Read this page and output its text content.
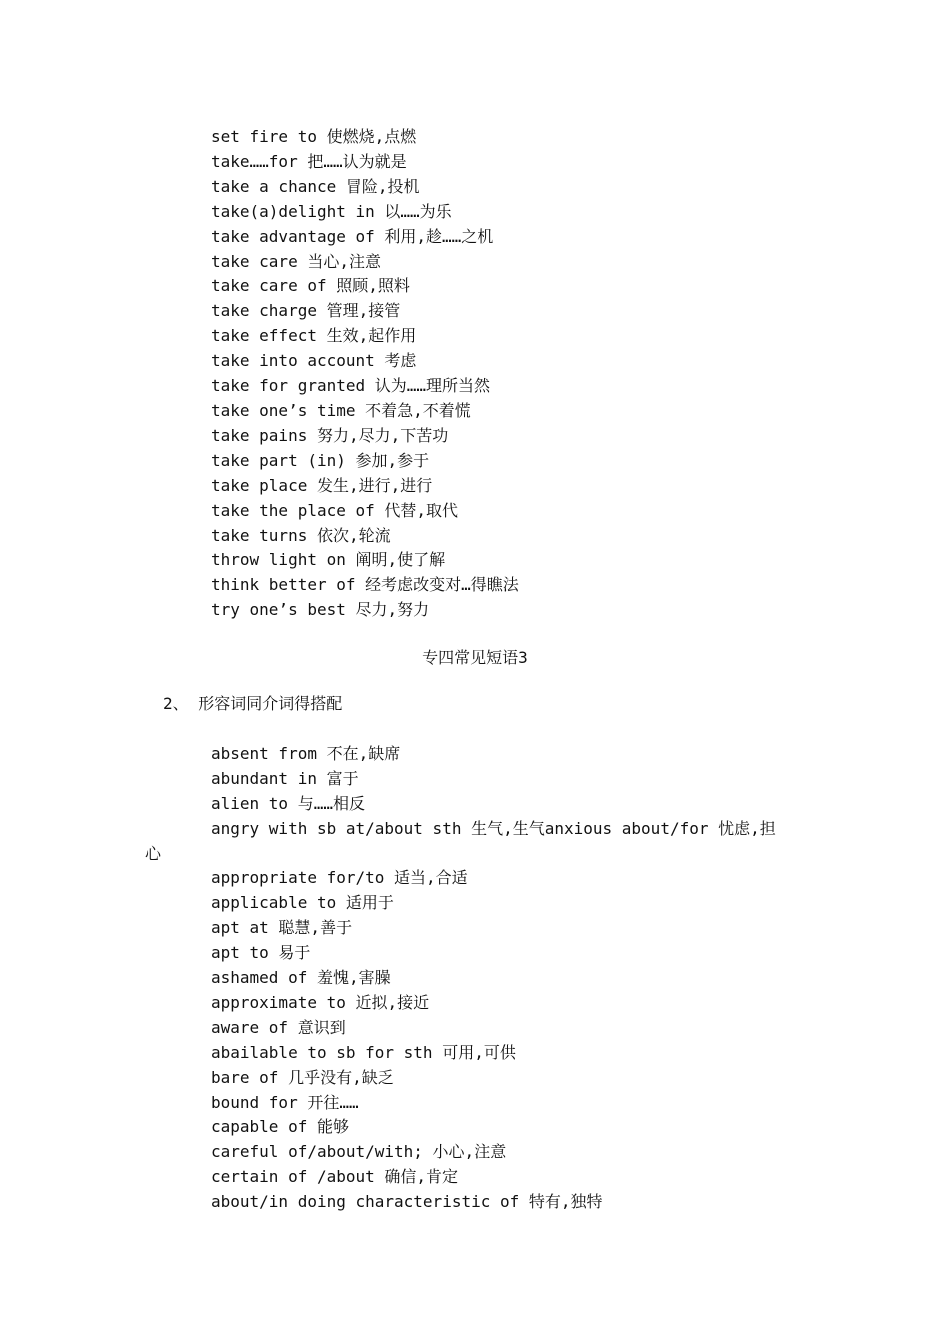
set fire to 使燃烧,点燃
take……for 把……认为就是
take a chance 冒险,投机
take(a)delight in 以……为乐
take advantage of 利用,趁……之机
take care 当心,注意
take care of 照顾,照料
take charge 管理,接管
take effect 生效,起作用
take into account 考虑
take for granted 认为……理所当然
take one’s time 不着急,不着慌
take pains 努力,尽力,下苦功
take part (in) 参加,参于
take place 发生,进行,进行
take the place of 代替,取代
take turns 依次,轮流
throw light on 阐明,使了解
think better of 经考虑改变对…得瞧法
try one’s best 尽力,努力
专四常见短语3
2、 形容词同介词得搭配
absent from 不在,缺席
abundant in 富于
alien to 与……相反
angry with sb at/about sth 生气,生气anxious about/for 忧虑,担
心
appropriate for/to 适当,合适
applicable to 适用于
apt at 聪慧,善于
apt to 易于
ashamed of 羞愧,害臊
approximate to 近拟,接近
aware of 意识到
abailable to sb for sth 可用,可供
bare of 几乎没有,缺乏
bound for 开往……
capable of 能够
careful of/about/with; 小心,注意
certain of /about 确信,肯定
about/in doing characteristic of 特有,独特
